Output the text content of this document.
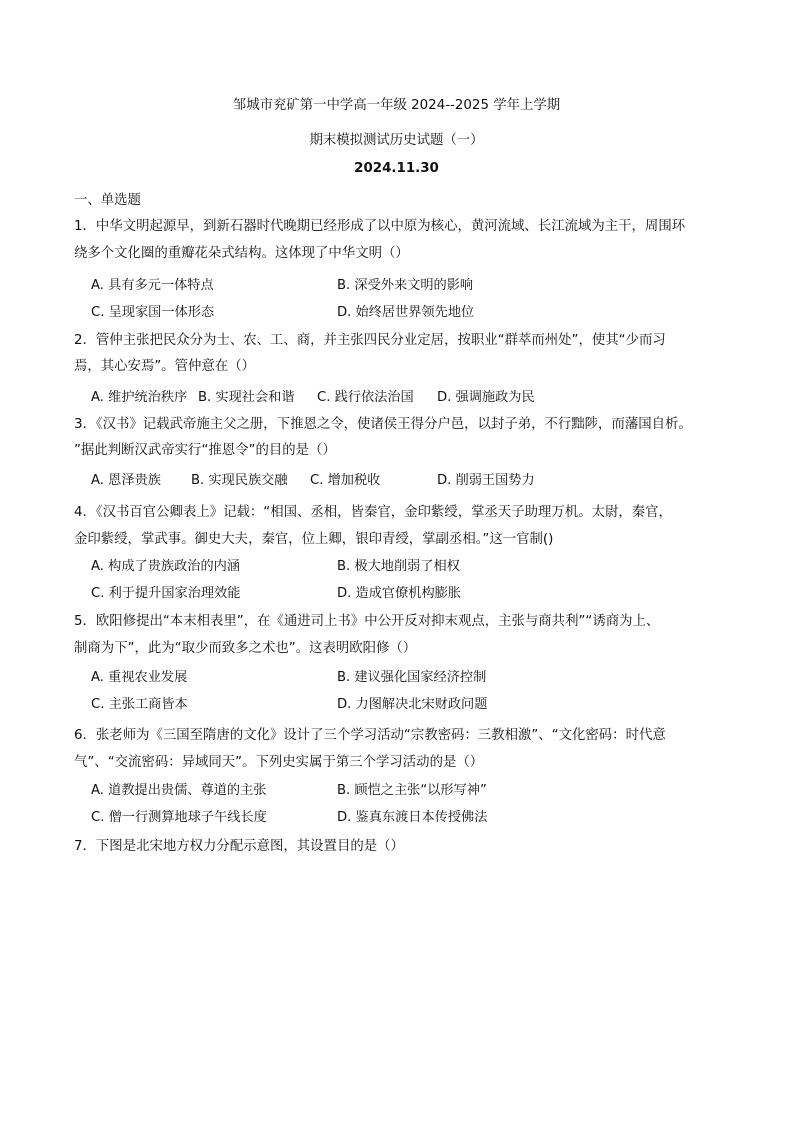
邹城市兖矿第一中学高一年级 2024--2025 学年上学期
期末模拟测试历史试题（一）
2024.11.30
一、单选题
1．中华文明起源早，到新石器时代晚期已经形成了以中原为核心，黄河流域、长江流域为主干，周围环
绕多个文化圈的重瓣花朵式结构。这体现了中华文明（）
A. 具有多元一体特点	B. 深受外来文明的影响
C. 呈现家国一体形态	D. 始终居世界领先地位
2．管仲主张把民众分为士、农、工、商，并主张四民分业定居，按职业“群萃而州处”，使其“少而习
焉，其心安焉”。管仲意在（）
A. 维护统治秩序 B. 实现社会和谐 C. 践行依法治国 D. 强调施政为民
3．《汉书》记载武帝施主父之册，下推恩之令，使诸侯王得分户邑，以封子弟，不行黜陟，而藩国自析。
”据此判断汉武帝实行“推恩令”的目的是（）
A. 恩泽贵族 B. 实现民族交融 C. 增加税收	D. 削弱王国势力
4．《汉书百官公卿表上》记载：“相国、丞相，皆秦官，金印紫绶，掌丞天子助理万机。太尉，秦官，
金印紫绶，掌武事。御史大夫，秦官，位上卿，银印青绶，掌副丞相。”这一官制()
A. 构成了贵族政治的内涵	B. 极大地削弱了相权
C. 利于提升国家治理效能	D. 造成官僚机构膨胀
5．欧阳修提出“本末相表里”，在《通进司上书》中公开反对抑末观点，主张与商共利”“诱商为上、
制商为下”，此为“取少而致多之术也”。这表明欧阳修（）
A. 重视农业发展	B. 建议强化国家经济控制
C. 主张工商皆本	D. 力图解决北宋财政问题
6．张老师为《三国至隋唐的文化》设计了三个学习活动“宗教密码：三教相激”、“文化密码：时代意
气”、“交流密码：异域同天”。下列史实属于第三个学习活动的是（）
A. 道教提出贵儒、尊道的主张	B. 顾恺之主张“以形写神”
C. 僧一行测算地球子午线长度	D. 鉴真东渡日本传授佛法
7．下图是北宋地方权力分配示意图，其设置目的是（）
